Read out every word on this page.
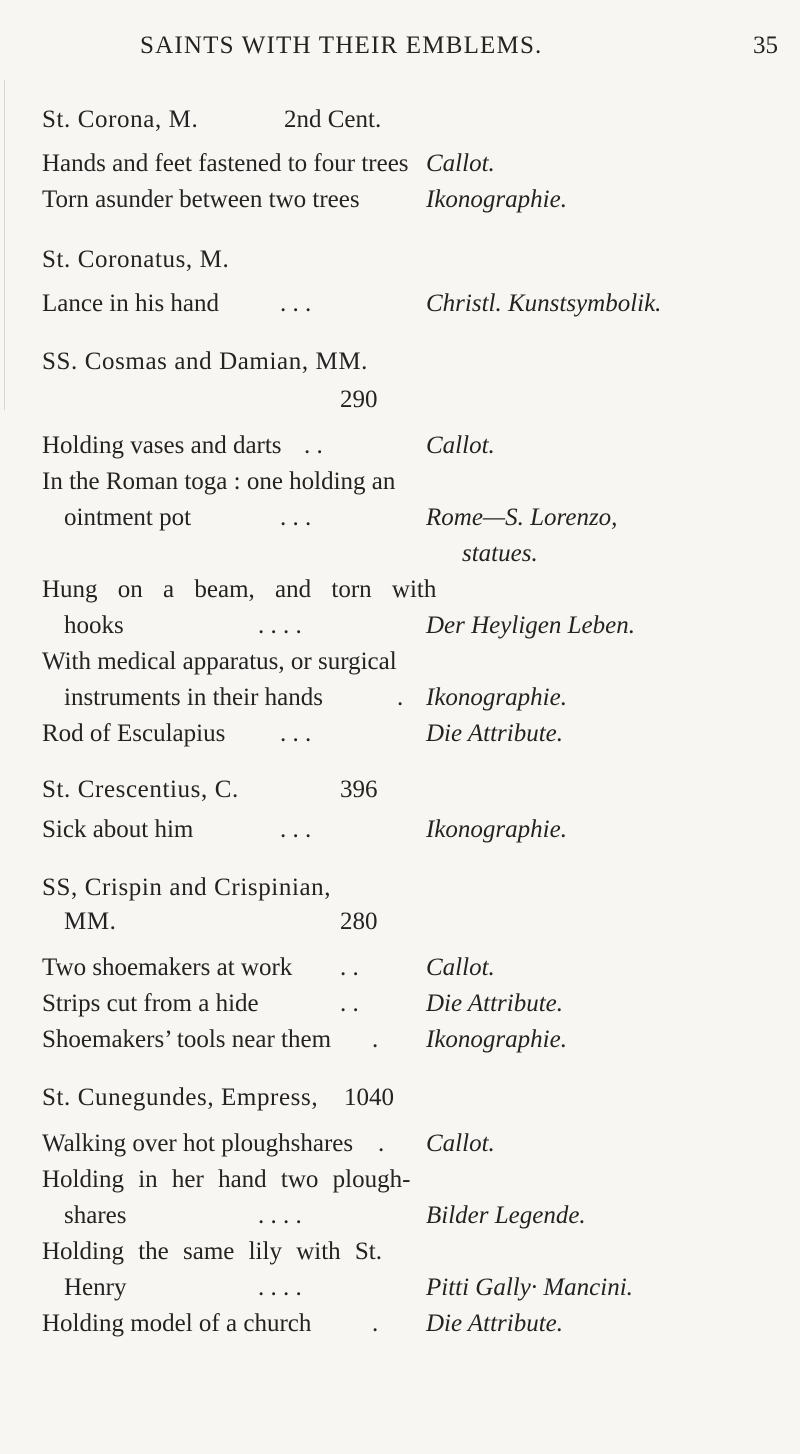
SAINTS WITH THEIR EMBLEMS.	35
St. Corona, M.	2nd Cent.
Hands and feet fastened to four trees Callot.
Torn asunder between two trees	Ikonographie.
St. Coronatus, M.
Lance in his hand . . .	Christl. Kunstsymbolik.
SS. Cosmas and Damian, MM.
290
Holding vases and darts . .	Callot.
In the Roman toga : one holding an
ointment pot	. . .	Rome—S. Lorenzo,
statues.
Hung on a beam, and torn with
hooks	. . . .	Der Heyligen Leben.
With medical apparatus, or surgical
instruments in their hands	. Ikonographie.
Rod of Esculapius . . .	Die Attribute.
St. Crescentius, C.	396
Sick about him	. . .	Ikonographie.
SS, Crispin and Crispinian,
MM.	280
Two shoemakers at work . .	Callot.
Strips cut from a hide	. .	Die Attribute.
Shoemakers’ tools near them . Ikonographie.
St. Cunegundes, Empress, 1040
Walking over hot ploughshares . Callot.
Holding in her hand two plough-
shares	. . . .	Bilder Legende.
Holding the same lily with St.
Henry	. . . .	Pitti Gally· Mancini.
Holding model of a church . Die Attribute.
